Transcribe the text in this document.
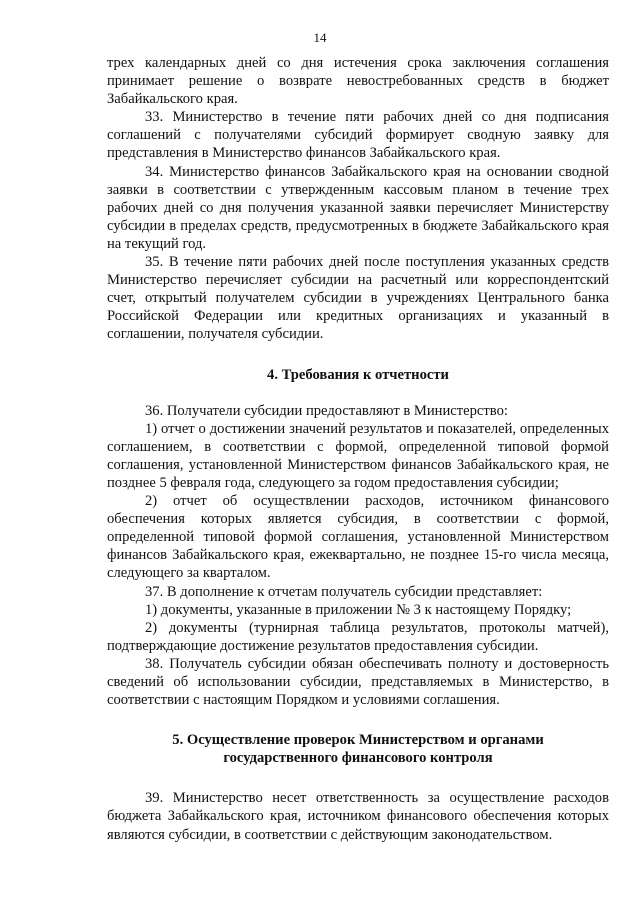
14

трех календарных дней со дня истечения срока заключения соглашения принимает решение о возврате невостребованных средств в бюджет Забайкальского края.

33. Министерство в течение пяти рабочих дней со дня подписания соглашений с получателями субсидий формирует сводную заявку для представления в Министерство финансов Забайкальского края.

34. Министерство финансов Забайкальского края на основании сводной заявки в соответствии с утвержденным кассовым планом в течение трех рабочих дней со дня получения указанной заявки перечисляет Министерству субсидии в пределах средств, предусмотренных в бюджете Забайкальского края на текущий год.

35. В течение пяти рабочих дней после поступления указанных средств Министерство перечисляет субсидии на расчетный или корреспондентский счет, открытый получателем субсидии в учреждениях Центрального банка Российской Федерации или кредитных организациях и указанный в соглашении, получателя субсидии.

4. Требования к отчетности

36. Получатели субсидии предоставляют в Министерство:

1) отчет о достижении значений результатов и показателей, определенных соглашением, в соответствии с формой, определенной типовой формой соглашения, установленной Министерством финансов Забайкальского края, не позднее 5 февраля года, следующего за годом предоставления субсидии;

2) отчет об осуществлении расходов, источником финансового обеспечения которых является субсидия, в соответствии с формой, определенной типовой формой соглашения, установленной Министерством финансов Забайкальского края, ежеквартально, не позднее 15-го числа месяца, следующего за кварталом.

37. В дополнение к отчетам получатель субсидии представляет:

1) документы, указанные в приложении № 3 к настоящему Порядку;

2) документы (турнирная таблица результатов, протоколы матчей), подтверждающие достижение результатов предоставления субсидии.

38. Получатель субсидии обязан обеспечивать полноту и достоверность сведений об использовании субсидии, представляемых в Министерство, в соответствии с настоящим Порядком и условиями соглашения.

5. Осуществление проверок Министерством и органами
государственного финансового контроля

39. Министерство несет ответственность за осуществление расходов бюджета Забайкальского края, источником финансового обеспечения которых являются субсидии, в соответствии с действующим законодательством.
